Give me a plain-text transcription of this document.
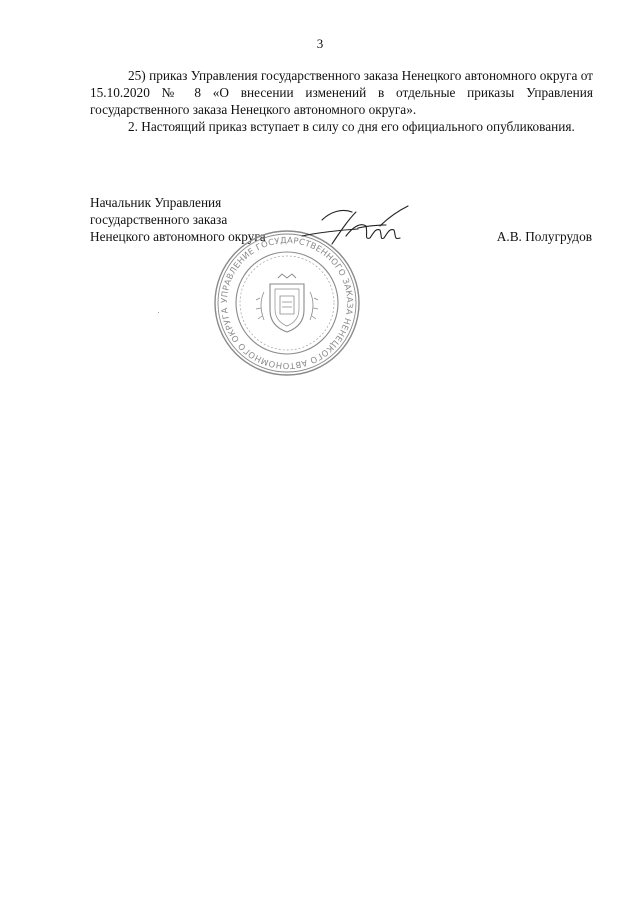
3

25) приказ Управления государственного заказа Ненецкого автономного округа от 15.10.2020 № 8 «О внесении изменений в отдельные приказы Управления государственного заказа Ненецкого автономного округа».

2. Настоящий приказ вступает в силу со дня его официального опубликования.

Начальник Управления
государственного заказа
Ненецкого автономного округа	А.В. Полугрудов
УПРАВЛЕНИЕ ГОСУДАРСТВЕННОГО ЗАКАЗА НЕНЕЦКОГО АВТОНОМНОГО ОКРУГА
